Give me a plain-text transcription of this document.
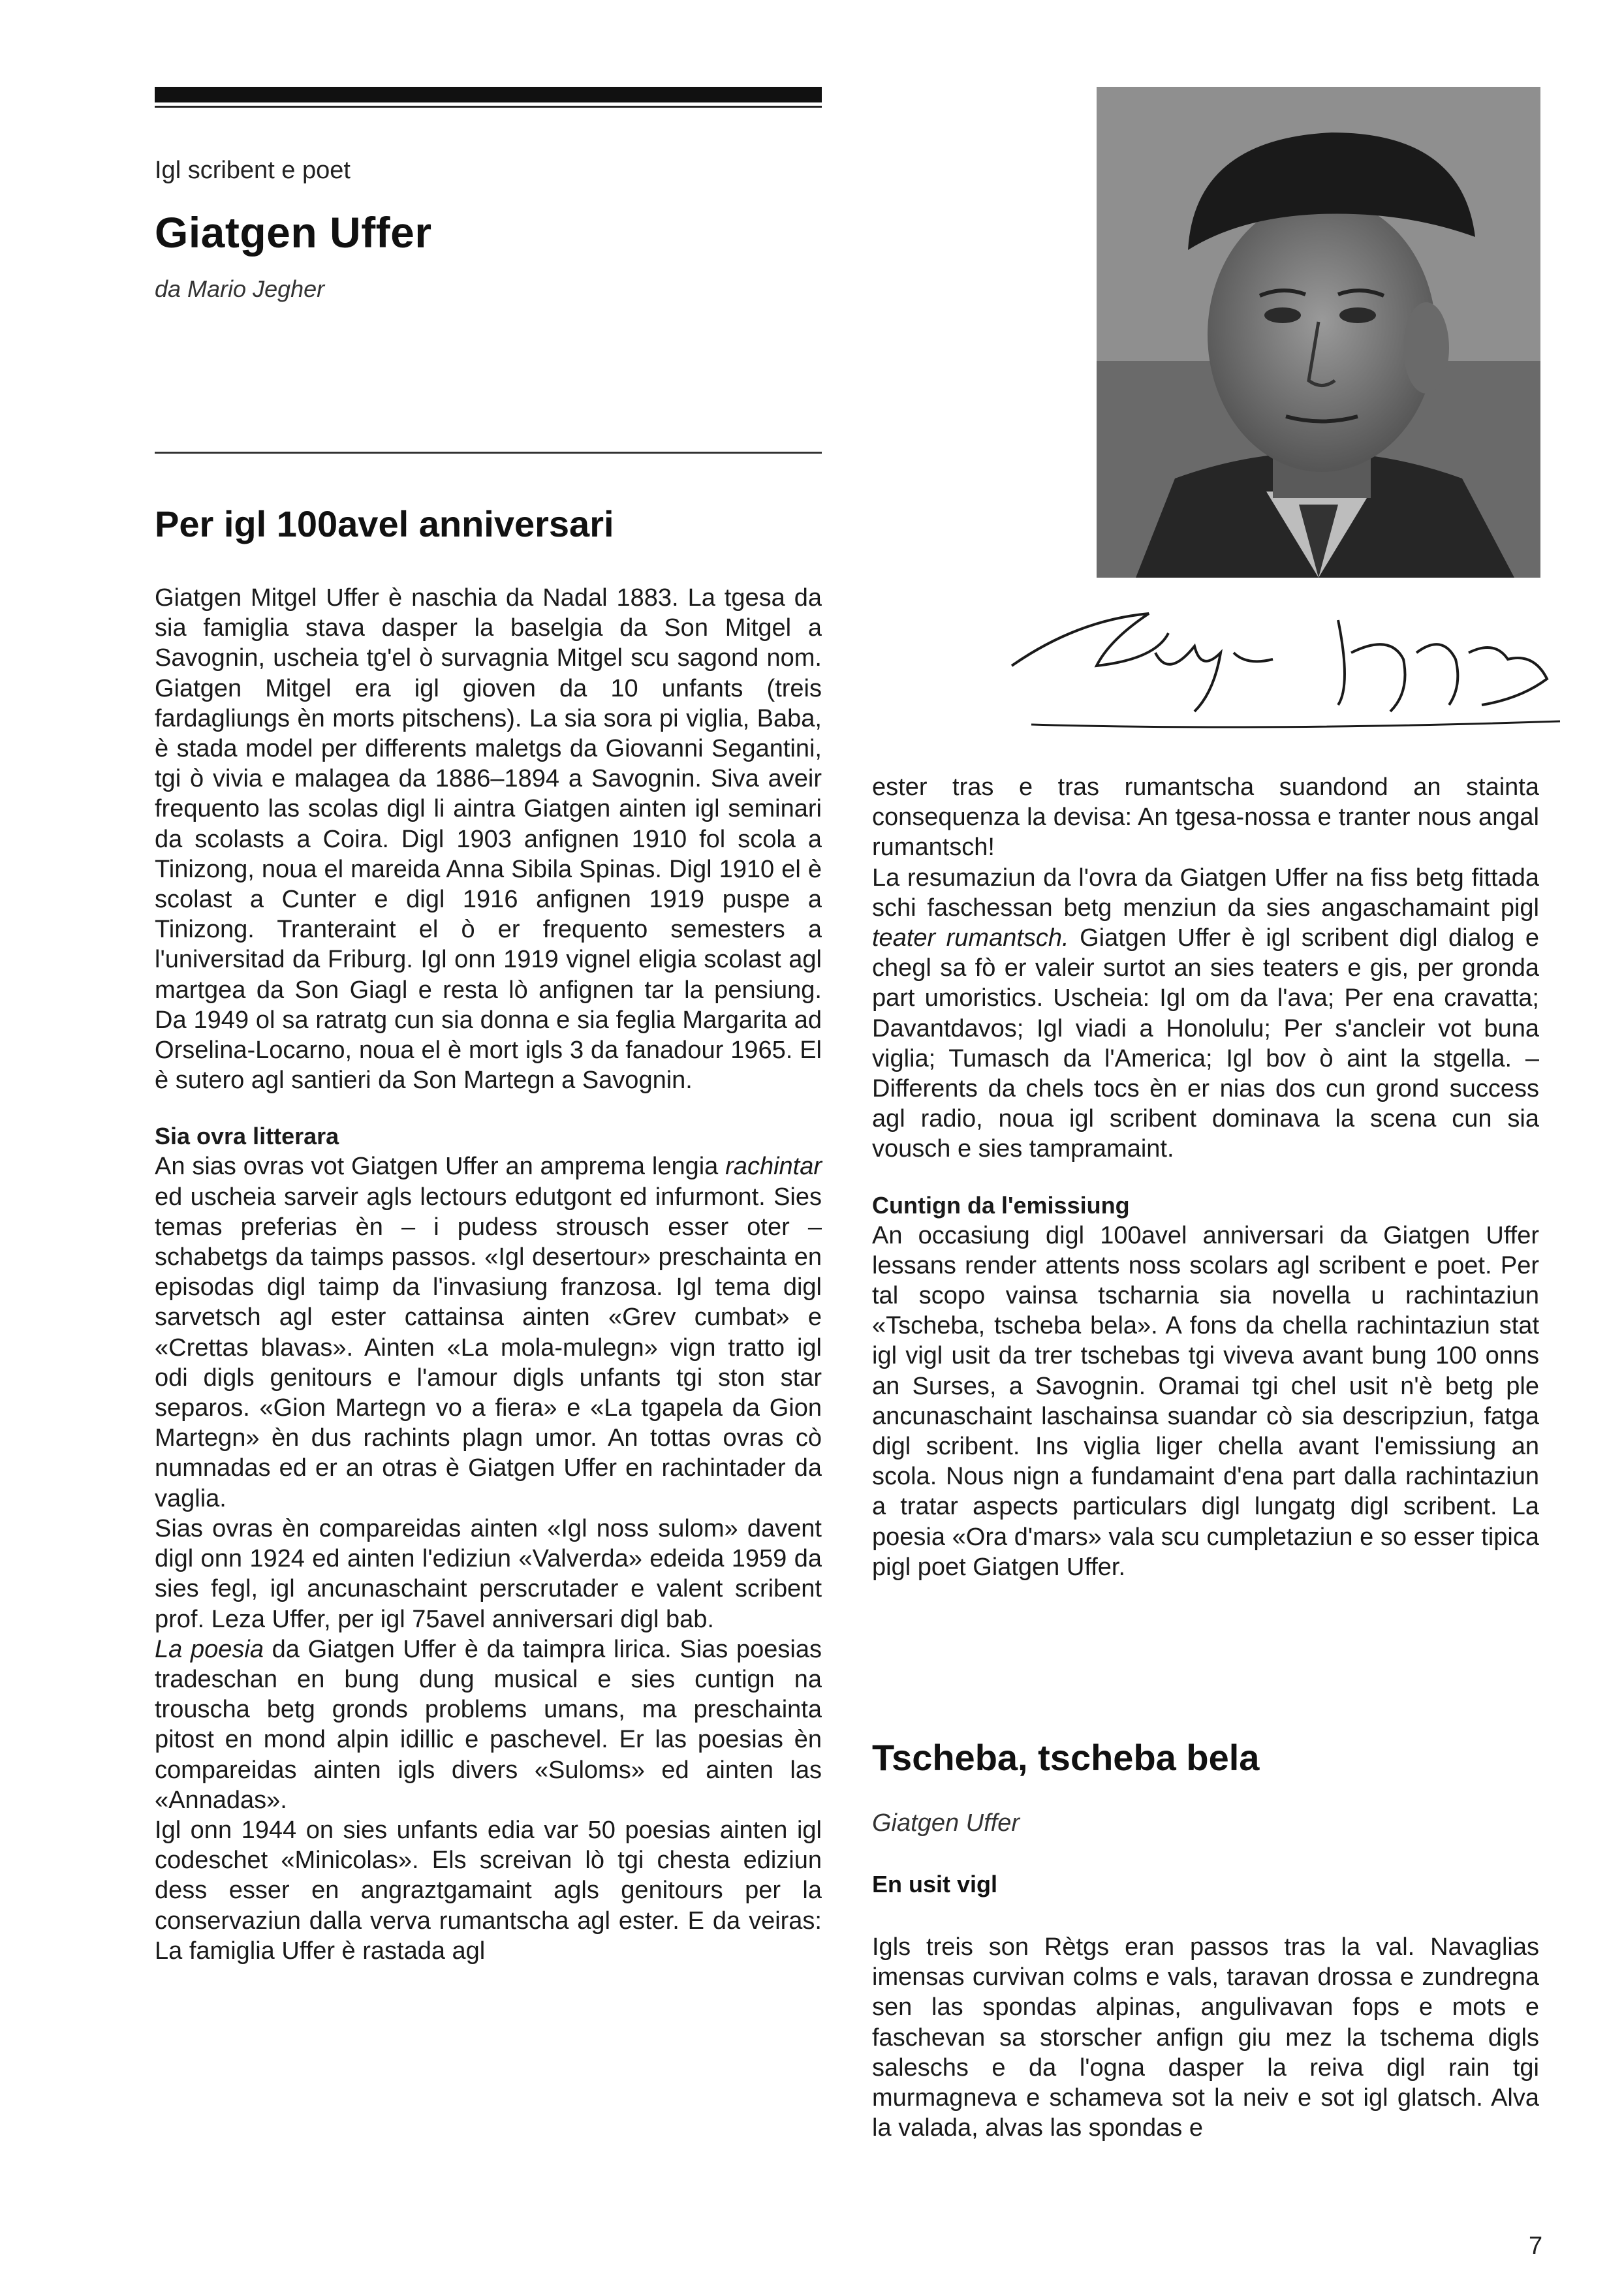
Igl scribent e poet
Giatgen Uffer
da Mario Jegher
Per igl 100avel anniversari

Giatgen Mitgel Uffer è naschia da Nadal 1883. La tgesa da sia famiglia stava dasper la baselgia da Son Mitgel a Savognin, uscheia tg'el ò survagnia Mitgel scu sagond nom. Giatgen Mitgel era igl gioven da 10 unfants (treis fardagliungs èn morts pitschens). La sia sora pi viglia, Baba, è stada model per differents maletgs da Giovanni Segantini, tgi ò vivia e malagea da 1886–1894 a Savognin. Siva aveir frequento las scolas digl li aintra Giatgen ainten igl seminari da scolasts a Coira. Digl 1903 anfignen 1910 fol scola a Tinizong, noua el mareida Anna Sibila Spinas. Digl 1910 el è scolast a Cunter e digl 1916 anfignen 1919 puspe a Tinizong. Tranteraint el ò er frequento semesters a l'universitad da Friburg. Igl onn 1919 vignel eligia scolast agl martgea da Son Giagl e resta lò anfignen tar la pensiung. Da 1949 ol sa ratratg cun sia donna e sia feglia Margarita ad Orselina-Locarno, noua el è mort igls 3 da fanadour 1965. El è sutero agl santieri da Son Martegn a Savognin.

Sia ovra litterara

An sias ovras vot Giatgen Uffer an amprema lengia rachintar ed uscheia sarveir agls lectours edutgont ed infurmont. Sies temas preferias èn – i pudess strousch esser oter – schabetgs da taimps passos. «Igl desertour» preschainta en episodas digl taimp da l'invasiung franzosa. Igl tema digl sarvetsch agl ester cattainsa ainten «Grev cumbat» e «Crettas blavas». Ainten «La mola-mulegn» vign tratto igl odi digls genitours e l'amour digls unfants tgi ston star separos. «Gion Martegn vo a fiera» e «La tgapela da Gion Martegn» èn dus rachints plagn umor. An tottas ovras cò numnadas ed er an otras è Giatgen Uffer en rachintader da vaglia.

Sias ovras èn compareidas ainten «Igl noss sulom» davent digl onn 1924 ed ainten l'ediziun «Valverda» edeida 1959 da sies fegl, igl ancunaschaint perscrutader e valent scribent prof. Leza Uffer, per igl 75avel anniversari digl bab.

La poesia da Giatgen Uffer è da taimpra lirica. Sias poesias tradeschan en bung dung musical e sies cuntign na trouscha betg gronds problems umans, ma preschainta pitost en mond alpin idillic e paschevel. Er las poesias èn compareidas ainten igls divers «Suloms» ed ainten las «Annadas».

Igl onn 1944 on sies unfants edia var 50 poesias ainten igl codeschet «Minicolas». Els screivan lò tgi chesta ediziun dess esser en angraztgamaint agls genitours per la conservaziun dalla verva rumantscha agl ester. E da veiras: La famiglia Uffer è rastada agl

ester tras e tras rumantscha suandond an stainta consequenza la devisa: An tgesa-nossa e tranter nous angal rumantsch!

La resumaziun da l'ovra da Giatgen Uffer na fiss betg fittada schi faschessan betg menziun da sies angaschamaint pigl teater rumantsch. Giatgen Uffer è igl scribent digl dialog e chegl sa fò er valeir surtot an sies teaters e gis, per gronda part umoristics. Uscheia: Igl om da l'ava; Per ena cravatta; Davantdavos; Igl viadi a Honolulu; Per s'ancleir vot buna viglia; Tumasch da l'America; Igl bov ò aint la stgella. – Differents da chels tocs èn er nias dos cun grond success agl radio, noua igl scribent dominava la scena cun sia vousch e sies tampramaint.

Cuntign da l'emissiung

An occasiung digl 100avel anniversari da Giatgen Uffer lessans render attents noss scolars agl scribent e poet. Per tal scopo vainsa tscharnia sia novella u rachintaziun «Tscheba, tscheba bela». A fons da chella rachintaziun stat igl vigl usit da trer tschebas tgi viveva avant bung 100 onns an Surses, a Savognin. Oramai tgi chel usit n'è betg ple ancunaschaint laschainsa suandar cò sia descripziun, fatga digl scribent. Ins viglia liger chella avant l'emissiung an scola. Nous nign a fundamaint d'ena part dalla rachintaziun a tratar aspects particulars digl lungatg digl scribent. La poesia «Ora d'mars» vala scu cumpletaziun e so esser tipica pigl poet Giatgen Uffer.

Tscheba, tscheba bela
Giatgen Uffer
En usit vigl

Igls treis son Rètgs eran passos tras la val. Navaglias imensas curvivan colms e vals, taravan drossa e zundregna sen las spondas alpinas, angulivavan fops e mots e faschevan sa storscher anfign giu mez la tschema digls saleschs e da l'ogna dasper la reiva digl rain tgi murmagneva e schameva sot la neiv e sot igl glatsch. Alva la valada, alvas las spondas e

7
